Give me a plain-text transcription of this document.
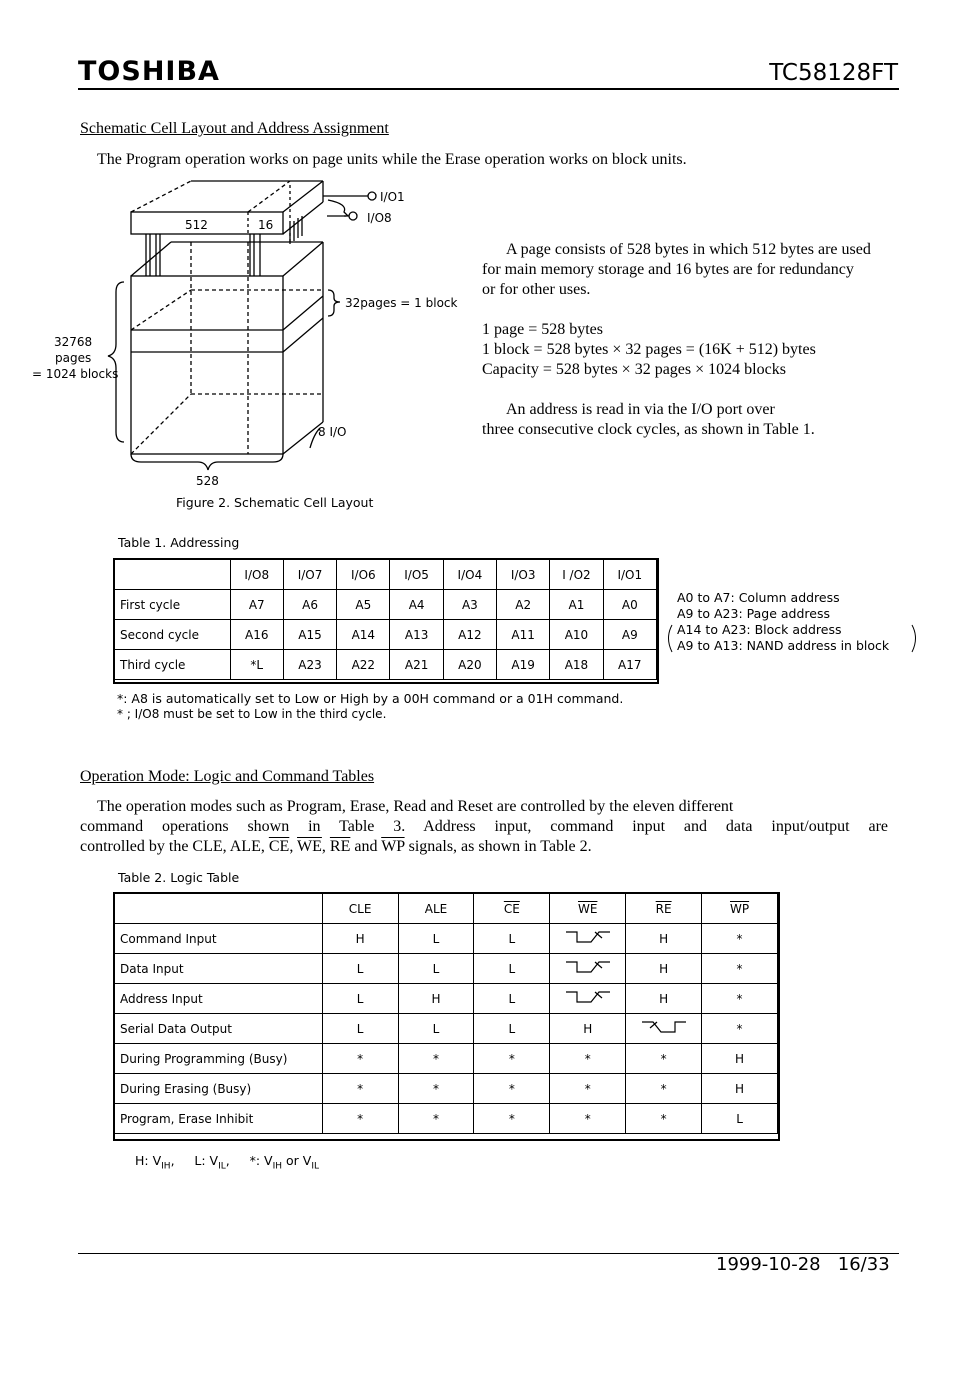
TOSHIBA	TC58128FT
Schematic Cell Layout and Address Assignment
The Program operation works on page units while the Erase operation works on block units.
512	16
I/O1
I/O8
32pages = 1 block
32768
pages
= 1024 blocks
8 I/O
528
Figure 2. Schematic Cell Layout

A page consists of 528 bytes in which 512 bytes are used

for main memory storage and 16 bytes are for redundancy

or for other uses.

1 page = 528 bytes

1 block = 528 bytes × 32 pages = (16K + 512) bytes

Capacity = 528 bytes × 32 pages × 1024 blocks

An address is read in via the I/O port over

three consecutive clock cycles, as shown in Table 1.

Table 1. Addressing
	I/O8	I/O7	I/O6	I/O5	I/O4	I/O3	I /O2	I/O1
First cycle	A7	A6	A5	A4	A3	A2	A1	A0
Second cycle	A16	A15	A14	A13	A12	A11	A10	A9
Third cycle	*L	A23	A22	A21	A20	A19	A18	A17
A0 to A7: Column address
A9 to A23: Page address
A14 to A23: Block address
A9 to A13: NAND address in block
*: A8 is automatically set to Low or High by a 00H command or a 01H command.
* ; I/O8 must be set to Low in the third cycle.
Operation Mode: Logic and Command Tables
The operation modes such as Program, Erase, Read and Reset are controlled by the eleven different
command operations shown in Table 3. Address input, command input and data input/output are
controlled by the CLE, ALE, $\overline{CE}$, $\overline{WE}$, $\overline{RE}$ and $\overline{WP}$ signals, as shown in Table 2.
Table 2. Logic Table
	CLE	ALE	$\overline{CE}$	$\overline{WE}$	$\overline{RE}$	$\overline{WP}$
Command Input	H	L	L		H	*
Data Input	L	L	L		H	*
Address Input	L	H	L		H	*
Serial Data Output	L	L	L	H		*
During Programming (Busy)	*	*	*	*	*	H
During Erasing (Busy)	*	*	*	*	*	H
Program, Erase Inhibit	*	*	*	*	*	L
H: $V_{IH}$,     L: $V_{IL}$,     *: $V_{IH}$ or $V_{IL}$
1999-10-28 16/33
